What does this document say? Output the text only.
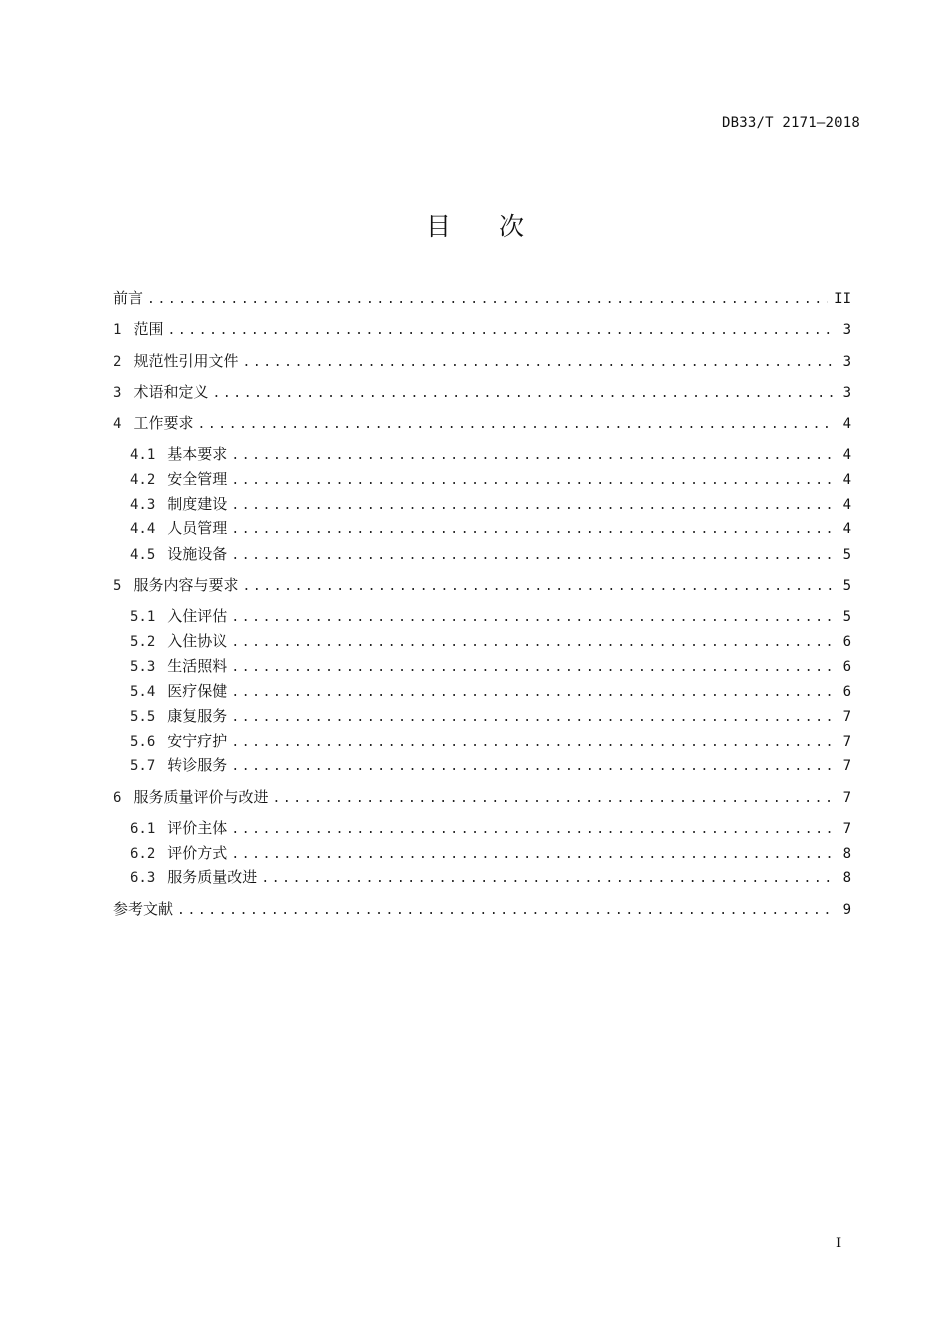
DB33/T 2171—2018
目 次
前言 .....	II
1 范围 .....	3
2 规范性引用文件 .....	3
3 术语和定义 .....	3
4 工作要求 .....	4
4.1 基本要求 .....	4
4.2 安全管理 .....	4
4.3 制度建设 .....	4
4.4 人员管理 .....	4
4.5 设施设备 .....	5
5 服务内容与要求 .....	5
5.1 入住评估 .....	5
5.2 入住协议 .....	6
5.3 生活照料 .....	6
5.4 医疗保健 .....	6
5.5 康复服务 .....	7
5.6 安宁疗护 .....	7
5.7 转诊服务 .....	7
6 服务质量评价与改进 .....	7
6.1 评价主体 .....	7
6.2 评价方式 .....	8
6.3 服务质量改进 .....	8
参考文献 .....	9
I
